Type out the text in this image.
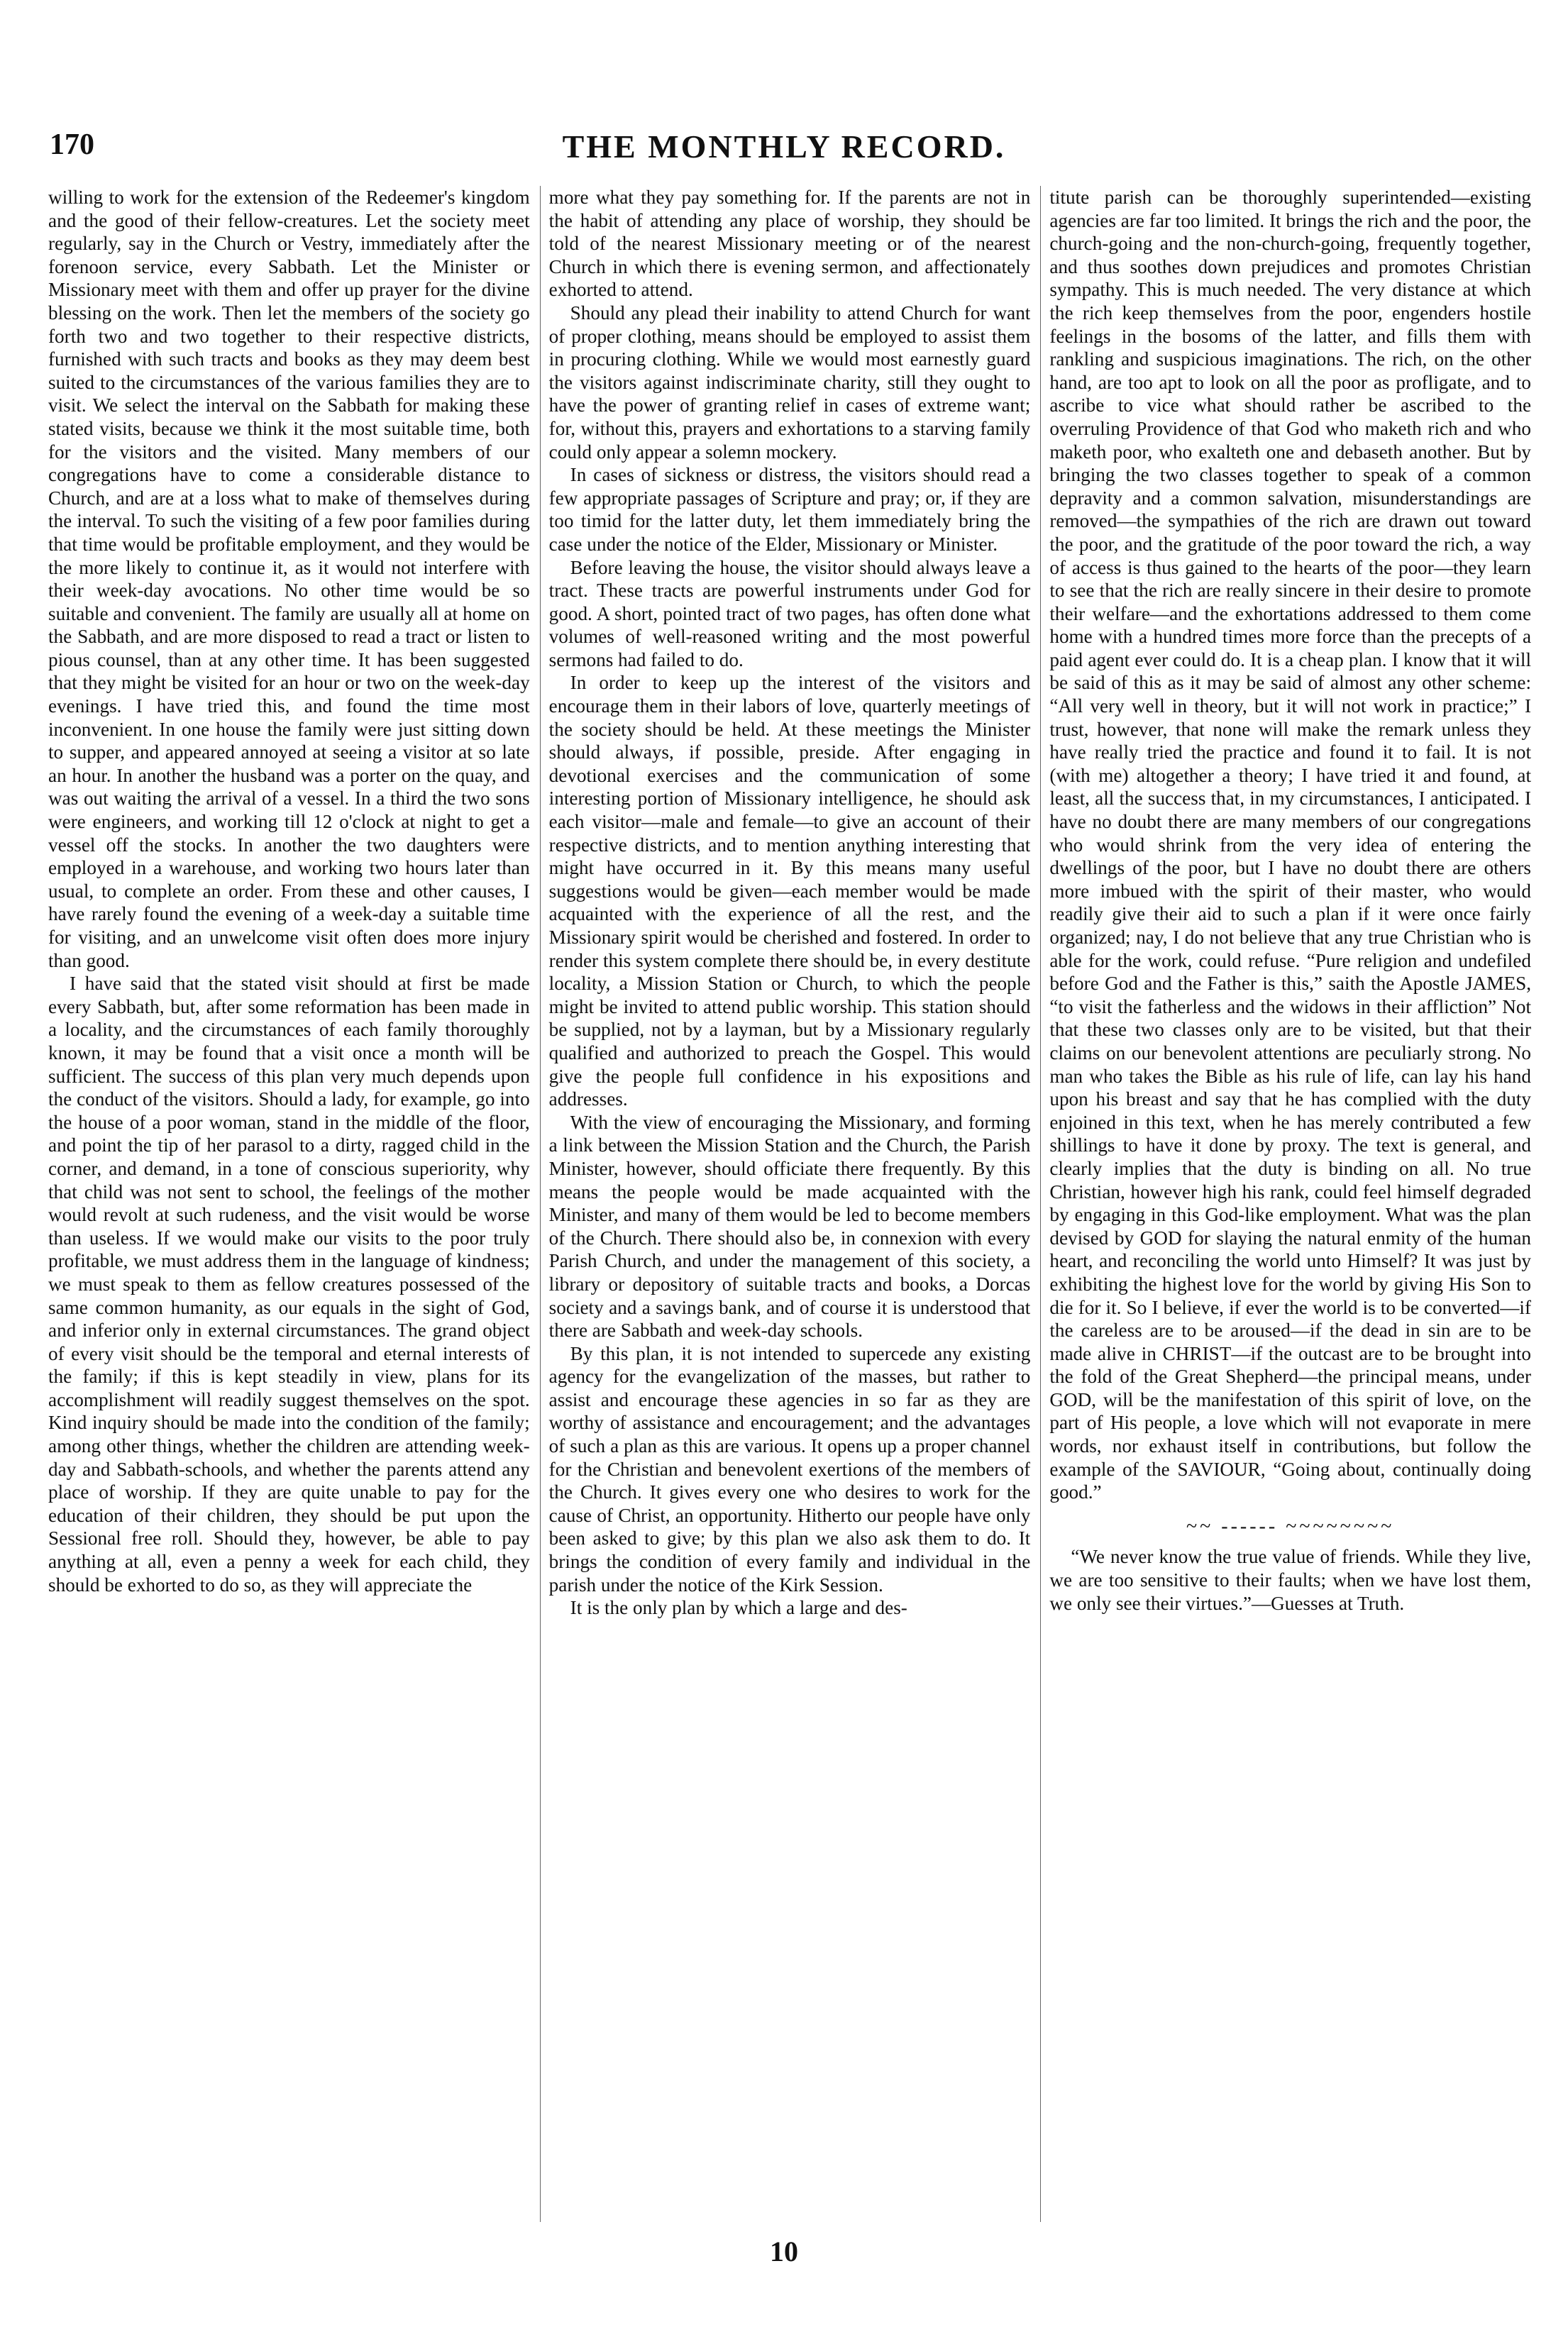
170	THE MONTHLY RECORD.

willing to work for the extension of the Redeemer's kingdom and the good of their fellow-creatures. Let the society meet regularly, say in the Church or Vestry, immediately after the forenoon service, every Sabbath. Let the Minister or Missionary meet with them and offer up prayer for the divine blessing on the work. Then let the members of the society go forth two and two together to their respective districts, furnished with such tracts and books as they may deem best suited to the circumstances of the various families they are to visit. We select the interval on the Sabbath for making these stated visits, because we think it the most suitable time, both for the visitors and the visited. Many members of our congregations have to come a considerable distance to Church, and are at a loss what to make of themselves during the interval. To such the visiting of a few poor families during that time would be profitable employment, and they would be the more likely to continue it, as it would not interfere with their week-day avocations. No other time would be so suitable and convenient. The family are usually all at home on the Sabbath, and are more disposed to read a tract or listen to pious counsel, than at any other time. It has been suggested that they might be visited for an hour or two on the week-day evenings. I have tried this, and found the time most inconvenient. In one house the family were just sitting down to supper, and appeared annoyed at seeing a visitor at so late an hour. In another the husband was a porter on the quay, and was out waiting the arrival of a vessel. In a third the two sons were engineers, and working till 12 o'clock at night to get a vessel off the stocks. In another the two daughters were employed in a warehouse, and working two hours later than usual, to complete an order. From these and other causes, I have rarely found the evening of a week-day a suitable time for visiting, and an unwelcome visit often does more injury than good.

I have said that the stated visit should at first be made every Sabbath, but, after some reformation has been made in a locality, and the circumstances of each family thoroughly known, it may be found that a visit once a month will be sufficient. The success of this plan very much depends upon the conduct of the visitors. Should a lady, for example, go into the house of a poor woman, stand in the middle of the floor, and point the tip of her parasol to a dirty, ragged child in the corner, and demand, in a tone of conscious superiority, why that child was not sent to school, the feelings of the mother would revolt at such rudeness, and the visit would be worse than useless. If we would make our visits to the poor truly profitable, we must address them in the language of kindness; we must speak to them as fellow creatures possessed of the same common humanity, as our equals in the sight of God, and inferior only in external circumstances. The grand object of every visit should be the temporal and eternal interests of the family; if this is kept steadily in view, plans for its accomplishment will readily suggest themselves on the spot. Kind inquiry should be made into the condition of the family; among other things, whether the children are attending week-day and Sabbath-schools, and whether the parents attend any place of worship. If they are quite unable to pay for the education of their children, they should be put upon the Sessional free roll. Should they, however, be able to pay anything at all, even a penny a week for each child, they should be exhorted to do so, as they will appreciate the

more what they pay something for. If the parents are not in the habit of attending any place of worship, they should be told of the nearest Missionary meeting or of the nearest Church in which there is evening sermon, and affectionately exhorted to attend.

Should any plead their inability to attend Church for want of proper clothing, means should be employed to assist them in procuring clothing. While we would most earnestly guard the visitors against indiscriminate charity, still they ought to have the power of granting relief in cases of extreme want; for, without this, prayers and exhortations to a starving family could only appear a solemn mockery.

In cases of sickness or distress, the visitors should read a few appropriate passages of Scripture and pray; or, if they are too timid for the latter duty, let them immediately bring the case under the notice of the Elder, Missionary or Minister.

Before leaving the house, the visitor should always leave a tract. These tracts are powerful instruments under God for good. A short, pointed tract of two pages, has often done what volumes of well-reasoned writing and the most powerful sermons had failed to do.

In order to keep up the interest of the visitors and encourage them in their labors of love, quarterly meetings of the society should be held. At these meetings the Minister should always, if possible, preside. After engaging in devotional exercises and the communication of some interesting portion of Missionary intelligence, he should ask each visitor—male and female—to give an account of their respective districts, and to mention anything interesting that might have occurred in it. By this means many useful suggestions would be given—each member would be made acquainted with the experience of all the rest, and the Missionary spirit would be cherished and fostered. In order to render this system complete there should be, in every destitute locality, a Mission Station or Church, to which the people might be invited to attend public worship. This station should be supplied, not by a layman, but by a Missionary regularly qualified and authorized to preach the Gospel. This would give the people full confidence in his expositions and addresses.

With the view of encouraging the Missionary, and forming a link between the Mission Station and the Church, the Parish Minister, however, should officiate there frequently. By this means the people would be made acquainted with the Minister, and many of them would be led to become members of the Church. There should also be, in connexion with every Parish Church, and under the management of this society, a library or depository of suitable tracts and books, a Dorcas society and a savings bank, and of course it is understood that there are Sabbath and week-day schools.

By this plan, it is not intended to supercede any existing agency for the evangelization of the masses, but rather to assist and encourage these agencies in so far as they are worthy of assistance and encouragement; and the advantages of such a plan as this are various. It opens up a proper channel for the Christian and benevolent exertions of the members of the Church. It gives every one who desires to work for the cause of Christ, an opportunity. Hitherto our people have only been asked to give; by this plan we also ask them to do. It brings the condition of every family and individual in the parish under the notice of the Kirk Session.

It is the only plan by which a large and des-

titute parish can be thoroughly superintended—existing agencies are far too limited. It brings the rich and the poor, the church-going and the non-church-going, frequently together, and thus soothes down prejudices and promotes Christian sympathy. This is much needed. The very distance at which the rich keep themselves from the poor, engenders hostile feelings in the bosoms of the latter, and fills them with rankling and suspicious imaginations. The rich, on the other hand, are too apt to look on all the poor as profligate, and to ascribe to vice what should rather be ascribed to the overruling Providence of that God who maketh rich and who maketh poor, who exalteth one and debaseth another. But by bringing the two classes together to speak of a common depravity and a common salvation, misunderstandings are removed—the sympathies of the rich are drawn out toward the poor, and the gratitude of the poor toward the rich, a way of access is thus gained to the hearts of the poor—they learn to see that the rich are really sincere in their desire to promote their welfare—and the exhortations addressed to them come home with a hundred times more force than the precepts of a paid agent ever could do. It is a cheap plan. I know that it will be said of this as it may be said of almost any other scheme: “All very well in theory, but it will not work in practice;” I trust, however, that none will make the remark unless they have really tried the practice and found it to fail. It is not (with me) altogether a theory; I have tried it and found, at least, all the success that, in my circumstances, I anticipated. I have no doubt there are many members of our congregations who would shrink from the very idea of entering the dwellings of the poor, but I have no doubt there are others more imbued with the spirit of their master, who would readily give their aid to such a plan if it were once fairly organized; nay, I do not believe that any true Christian who is able for the work, could refuse. “Pure religion and undefiled before God and the Father is this,” saith the Apostle JAMES, “to visit the fatherless and the widows in their affliction” Not that these two classes only are to be visited, but that their claims on our benevolent attentions are peculiarly strong. No man who takes the Bible as his rule of life, can lay his hand upon his breast and say that he has complied with the duty enjoined in this text, when he has merely contributed a few shillings to have it done by proxy. The text is general, and clearly implies that the duty is binding on all. No true Christian, however high his rank, could feel himself degraded by engaging in this God-like employment. What was the plan devised by GOD for slaying the natural enmity of the human heart, and reconciling the world unto Himself? It was just by exhibiting the highest love for the world by giving His Son to die for it. So I believe, if ever the world is to be converted—if the careless are to be aroused—if the dead in sin are to be made alive in CHRIST—if the outcast are to be brought into the fold of the Great Shepherd—the principal means, under GOD, will be the manifestation of this spirit of love, on the part of His people, a love which will not evaporate in mere words, nor exhaust itself in contributions, but follow the example of the SAVIOUR, “Going about, continually doing good.”

~~ ------ ~~~~~~~~

“We never know the true value of friends. While they live, we are too sensitive to their faults; when we have lost them, we only see their virtues.”—Guesses at Truth.

10
